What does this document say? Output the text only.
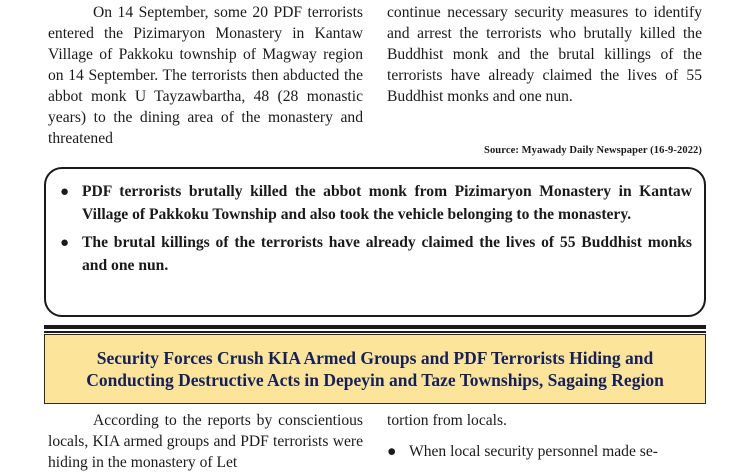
On 14 September, some 20 PDF terrorists entered the Pizimaryon Monastery in Kantaw Village of Pakkoku township of Magway region on 14 September. The terrorists then abducted the abbot monk U Tayzawbartha, 48 (28 monastic years) to the dining area of the monastery and threatened

continue necessary security measures to identify and arrest the terrorists who brutally killed the Buddhist monk and the brutal killings of the terrorists have already claimed the lives of 55 Buddhist monks and one nun.

Source: Myawady Daily Newspaper (16-9-2022)
● PDF terrorists brutally killed the abbot monk from Pizimaryon Monastery in Kantaw Village of Pakkoku Township and also took the vehicle belonging to the monastery.
● The brutal killings of the terrorists have already claimed the lives of 55 Buddhist monks and one nun.
Security Forces Crush KIA Armed Groups and PDF Terrorists Hiding and
Conducting Destructive Acts in Depeyin and Taze Townships, Sagaing Region

According to the reports by conscientious locals, KIA armed groups and PDF terrorists were hiding in the monastery of Let

tortion from locals.

● When local security personnel made se-
